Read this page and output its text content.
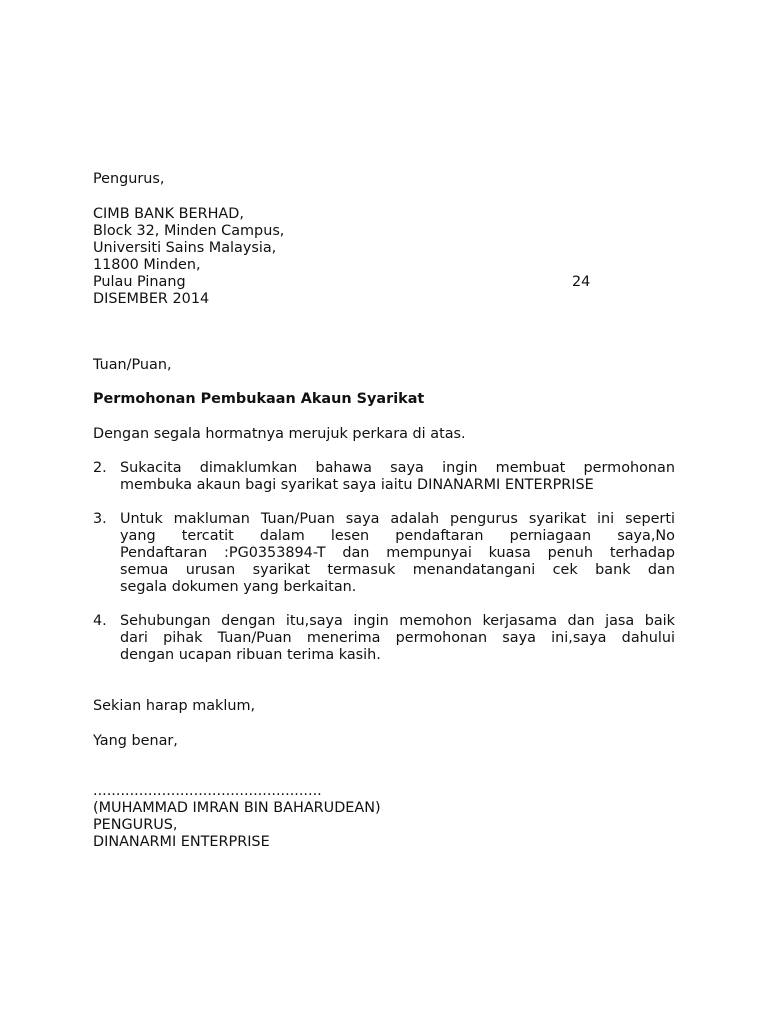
Pengurus,
CIMB BANK BERHAD,
Block 32, Minden Campus,
Universiti Sains Malaysia,
11800 Minden,
Pulau Pinang	24
DISEMBER 2014
Tuan/Puan,
Permohonan Pembukaan Akaun Syarikat
Dengan segala hormatnya merujuk perkara di atas.
2. Sukacita dimaklumkan bahawa saya ingin membuat permohonan
membuka akaun bagi syarikat saya iaitu DINANARMI ENTERPRISE
3. Untuk makluman Tuan/Puan saya adalah pengurus syarikat ini seperti
yang tercatit dalam lesen pendaftaran perniagaan saya,No
Pendaftaran :PG0353894-T dan mempunyai kuasa penuh terhadap
semua urusan syarikat termasuk menandatangani cek bank dan
segala dokumen yang berkaitan.
4. Sehubungan dengan itu,saya ingin memohon kerjasama dan jasa baik
dari pihak Tuan/Puan menerima permohonan saya ini,saya dahului
dengan ucapan ribuan terima kasih.
Sekian harap maklum,
Yang benar,
..................................................
(MUHAMMAD IMRAN BIN BAHARUDEAN)
PENGURUS,
DINANARMI ENTERPRISE
